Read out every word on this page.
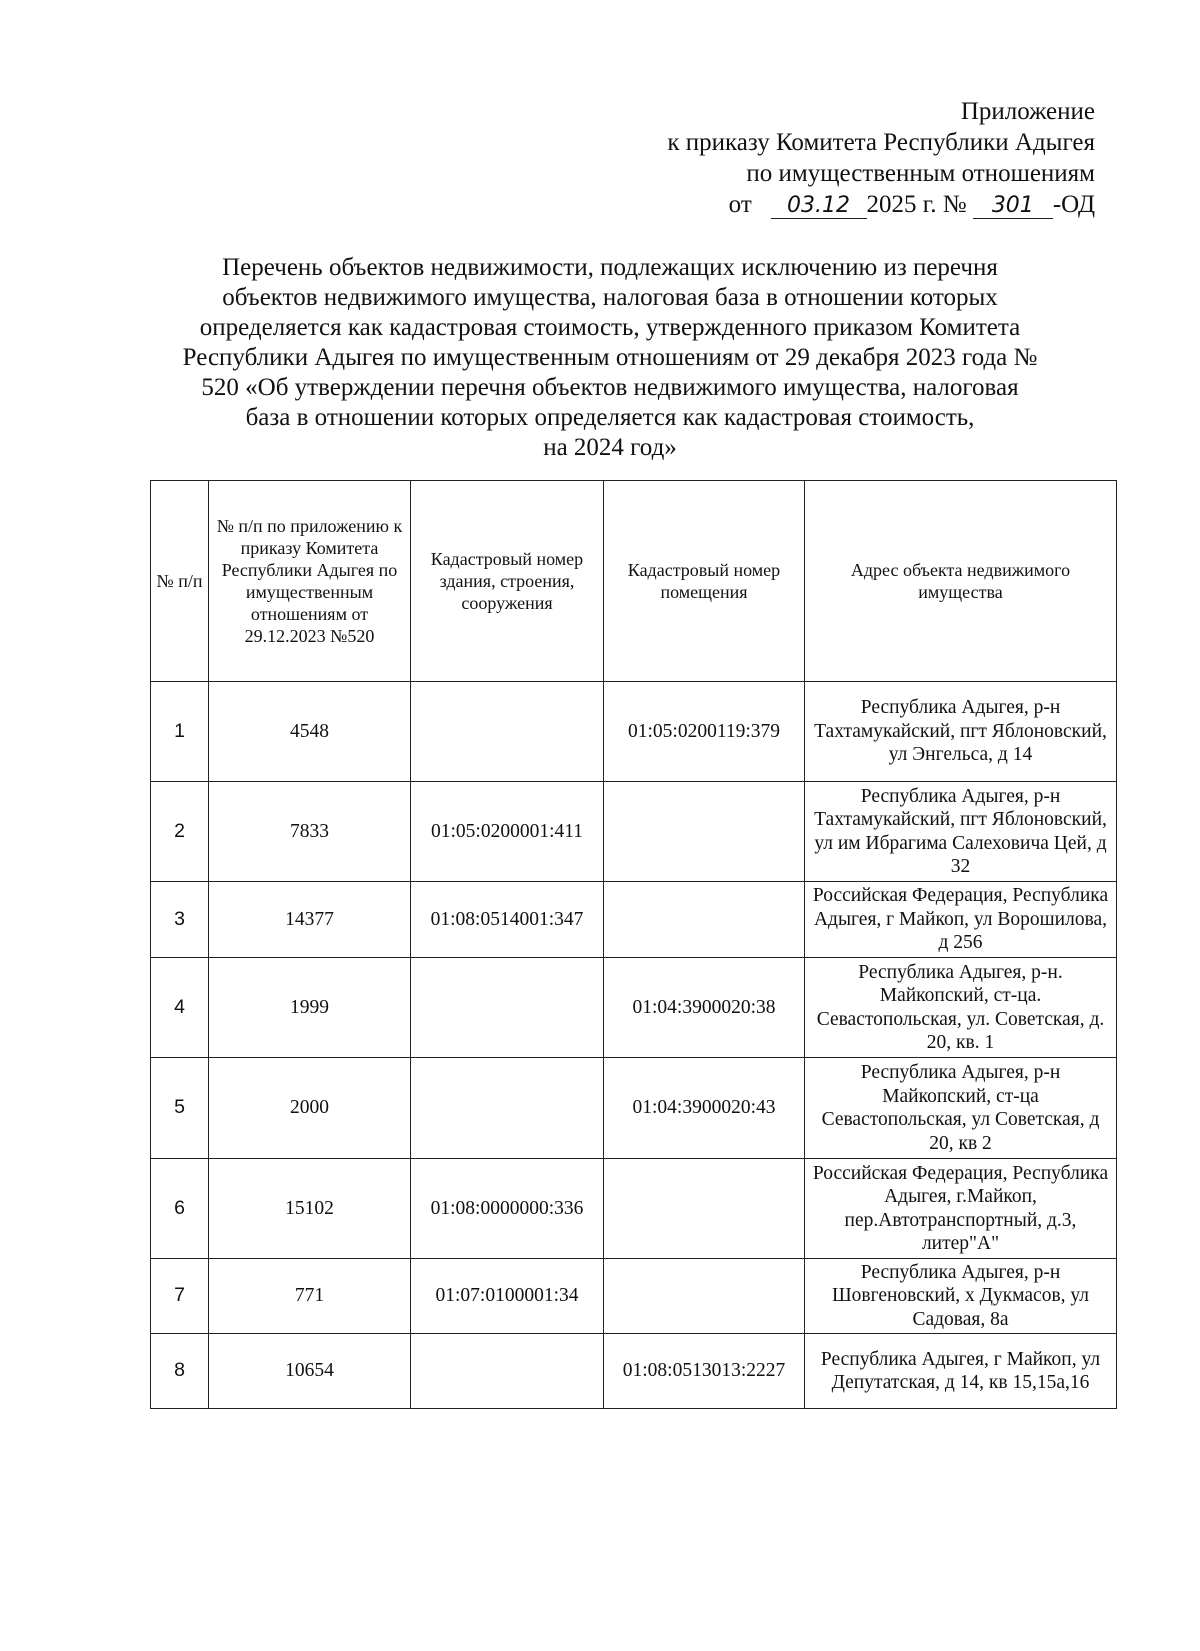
Приложение
к приказу Комитета Республики Адыгея
по имущественным отношениям
от 03.12 2025 г. № 301 -ОД
Перечень объектов недвижимости, подлежащих исключению из перечня
объектов недвижимого имущества, налоговая база в отношении которых
определяется как кадастровая стоимость, утвержденного приказом Комитета
Республики Адыгея по имущественным отношениям от 29 декабря 2023 года №
520 «Об утверждении перечня объектов недвижимого имущества, налоговая
база в отношении которых определяется как кадастровая стоимость,
на 2024 год»
№ п/п	№ п/п по приложению к приказу Комитета Республики Адыгея по имущественным отношениям от 29.12.2023 №520	Кадастровый номер здания, строения, сооружения	Кадастровый номер помещения	Адрес объекта недвижимого имущества
1	4548		01:05:0200119:379	Республика Адыгея, р-н Тахтамукайский, пгт Яблоновский, ул Энгельса, д 14
2	7833	01:05:0200001:411		Республика Адыгея, р-н Тахтамукайский, пгт Яблоновский, ул им Ибрагима Салеховича Цей, д 32
3	14377	01:08:0514001:347		Российская Федерация, Республика Адыгея, г Майкоп, ул Ворошилова, д 256
4	1999		01:04:3900020:38	Республика Адыгея, р-н. Майкопский, ст-ца. Севастопольская, ул. Советская, д. 20, кв. 1
5	2000		01:04:3900020:43	Республика Адыгея, р-н Майкопский, ст-ца Севастопольская, ул Советская, д 20, кв 2
6	15102	01:08:0000000:336		Российская Федерация, Республика Адыгея, г.Майкоп, пер.Автотранспортный, д.3, литер"А"
7	771	01:07:0100001:34		Республика Адыгея, р-н Шовгеновский, х Дукмасов, ул Садовая, 8а
8	10654		01:08:0513013:2227	Республика Адыгея, г Майкоп, ул Депутатская, д 14, кв 15,15а,16
